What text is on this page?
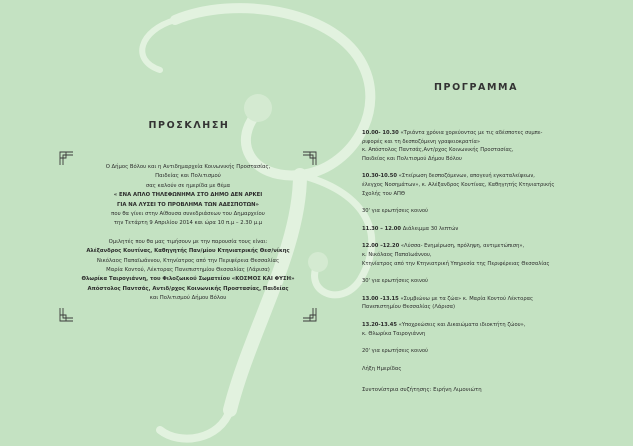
ΠΡΟΣΚΛΗΣΗ

Ο Δήμος Βόλου και η Αντιδημαρχεία Κοινωνικής Προστασίας,

Παιδείας και Πολιτισμού

σας καλούν σε ημερίδα με θέμα

« ΕΝΑ ΑΠΛΟ ΤΗΛΕΦΩΝΗΜΑ ΣΤΟ ΔΗΜΟ ΔΕΝ ΑΡΚΕΙ

ΓΙΑ ΝΑ ΛΥΣΕΙ ΤΟ ΠΡΟΒΛΗΜΑ ΤΩΝ ΑΔΕΣΠΟΤΩΝ»

που θα γίνει στην Αίθουσα συνεδριάσεων του Δημαρχείου

την Τετάρτη 9 Απριλίου 2014 και ώρα 10 π.μ – 2.30 μ.μ

Ομιλητές που θα μας τιμήσουν με την παρουσία τους είναι:

Αλέξανδρος Κουτίνας, Καθηγητής Παν/μίου Κτηνιατρικής Θεσ/νίκης

Νικόλαος Παπαϊωάννου, Κτηνίατρος από την Περιφέρεια Θεσσαλίας

Μαρία Κοντού, Λέκτορας Πανεπιστημίου Θεσσαλίας (Λάρισα)

Θλωρίκα Ταιρογιάννη, του Φιλοζωικού Σωματείου «ΚΟΣΜΟΣ ΚΑΙ ΦΥΣΗ»

Απόστολος Παντσάς, Αντιδ/ρχος Κοινωνικής Προστασίας, Παιδείας

και Πολιτισμού Δήμου Βόλου

ΠΡΟΓΡΑΜΜΑ

10.00- 10.30 «Τριάντα χρόνια χορεύοντας με τις αδέσποτες συμπε-
ριφορές και τη δεσποζόμενη γραφειοκρατία»
κ. Απόστολος Παντσάς,Αντ/ρχος Κοινωνικής Προστασίας,
Παιδείας και Πολιτισμού Δήμου Βόλου
10.30-10.50 «Στείρωση δεσποζόμενων, απογευή εγκαταλείψεων,
έλεγχος Νοσημάτων», κ. Αλέξανδρος Κουτίνας, Καθηγητής Κτηνιατρικής
Σχολής του ΑΠΘ
30' για ερωτήσεις κοινού
11.30 – 12.00 Διάλειμμα 30 λεπτών
12.00 –12.20 «Λύσσα- Ενημέρωση, πρόληψη, αντιμετώπιση»,
κ. Νικόλαος Παπαϊωάννου,
Κτηνίατρος από την Κτηνιατρική Υπηρεσία της Περιφέρειας Θεσσαλίας
30' για ερωτήσεις κοινού
13.00 -13.15 «Συμβιώνω με τα ζώα» κ. Μαρία Κοντού Λέκτορας
Πανεπιστημίου Θεσσαλίας (Λάρισα)
13.20-13.45 «Υποχρεώσεις και Δικαιώματα ιδιοκτήτη ζώου»,
κ. Θλωρίκα Ταιρογιάννη
20' για ερωτήσεις κοινού
Λήξη Ημερίδας

Συντονίστρια συζήτησης: Ειρήνη Λιμονιώτη
